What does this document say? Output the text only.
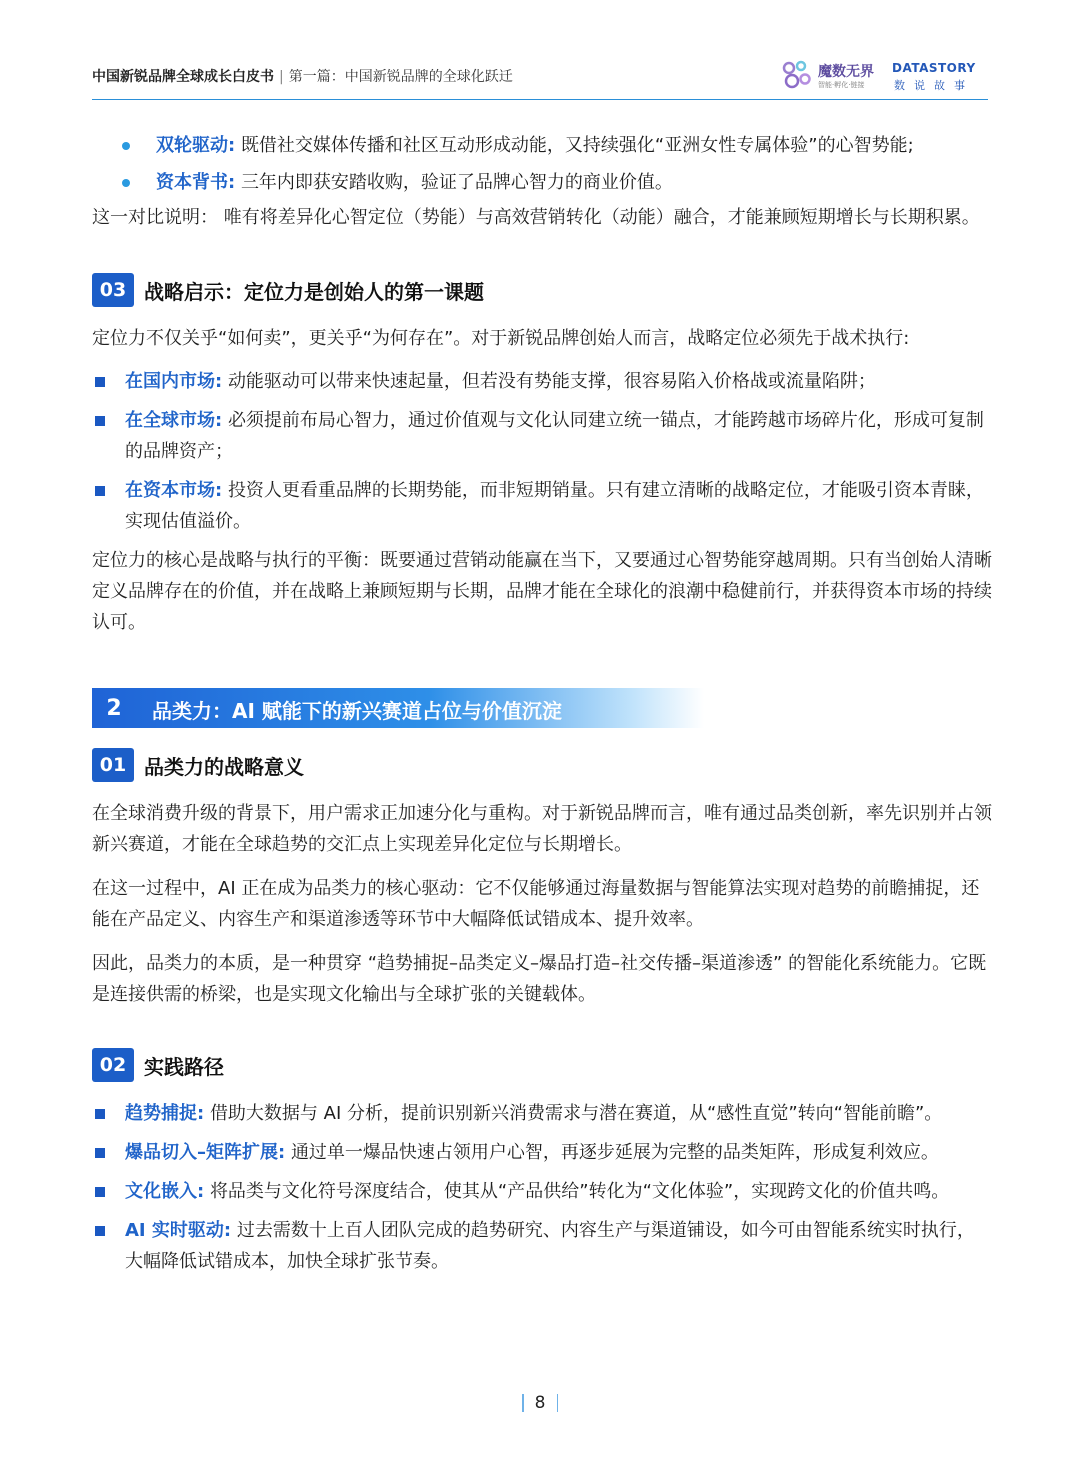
中国新锐品牌全球成长白皮书 | 第一篇：中国新锐品牌的全球化跃迁	魔数无界
智能·孵化·链接
DATASTORY
数说故事
双轮驱动: 既借社交媒体传播和社区互动形成动能，又持续强化“亚洲女性专属体验”的心智势能;
资本背书: 三年内即获安踏收购，验证了品牌心智力的商业价值。

这一对比说明： 唯有将差异化心智定位（势能）与高效营销转化（动能）融合，才能兼顾短期增长与长期积累。

03 战略启示：定位力是创始人的第一课题

定位力不仅关乎“如何卖”，更关乎“为何存在”。对于新锐品牌创始人而言，战略定位必须先于战术执行:

在国内市场: 动能驱动可以带来快速起量，但若没有势能支撑，很容易陷入价格战或流量陷阱；
在全球市场: 必须提前布局心智力，通过价值观与文化认同建立统一锚点，才能跨越市场碎片化，形成可复制的品牌资产；
在资本市场: 投资人更看重品牌的长期势能，而非短期销量。只有建立清晰的战略定位，才能吸引资本青睐，实现估值溢价。

定位力的核心是战略与执行的平衡：既要通过营销动能赢在当下，又要通过心智势能穿越周期。只有当创始人清晰定义品牌存在的价值，并在战略上兼顾短期与长期，品牌才能在全球化的浪潮中稳健前行，并获得资本市场的持续认可。

2	品类力：AI 赋能下的新兴赛道占位与价值沉淀
01 品类力的战略意义

在全球消费升级的背景下，用户需求正加速分化与重构。对于新锐品牌而言，唯有通过品类创新，率先识别并占领新兴赛道，才能在全球趋势的交汇点上实现差异化定位与长期增长。

在这一过程中，AI 正在成为品类力的核心驱动：它不仅能够通过海量数据与智能算法实现对趋势的前瞻捕捉，还能在产品定义、内容生产和渠道渗透等环节中大幅降低试错成本、提升效率。

因此，品类力的本质，是一种贯穿 “趋势捕捉–品类定义–爆品打造–社交传播–渠道渗透” 的智能化系统能力。它既是连接供需的桥梁，也是实现文化输出与全球扩张的关键载体。

02 实践路径
趋势捕捉: 借助大数据与 AI 分析，提前识别新兴消费需求与潜在赛道，从“感性直觉”转向“智能前瞻”。
爆品切入–矩阵扩展: 通过单一爆品快速占领用户心智，再逐步延展为完整的品类矩阵，形成复利效应。
文化嵌入: 将品类与文化符号深度结合，使其从“产品供给”转化为“文化体验”，实现跨文化的价值共鸣。
AI 实时驱动: 过去需数十上百人团队完成的趋势研究、内容生产与渠道铺设，如今可由智能系统实时执行，大幅降低试错成本，加快全球扩张节奏。
8
